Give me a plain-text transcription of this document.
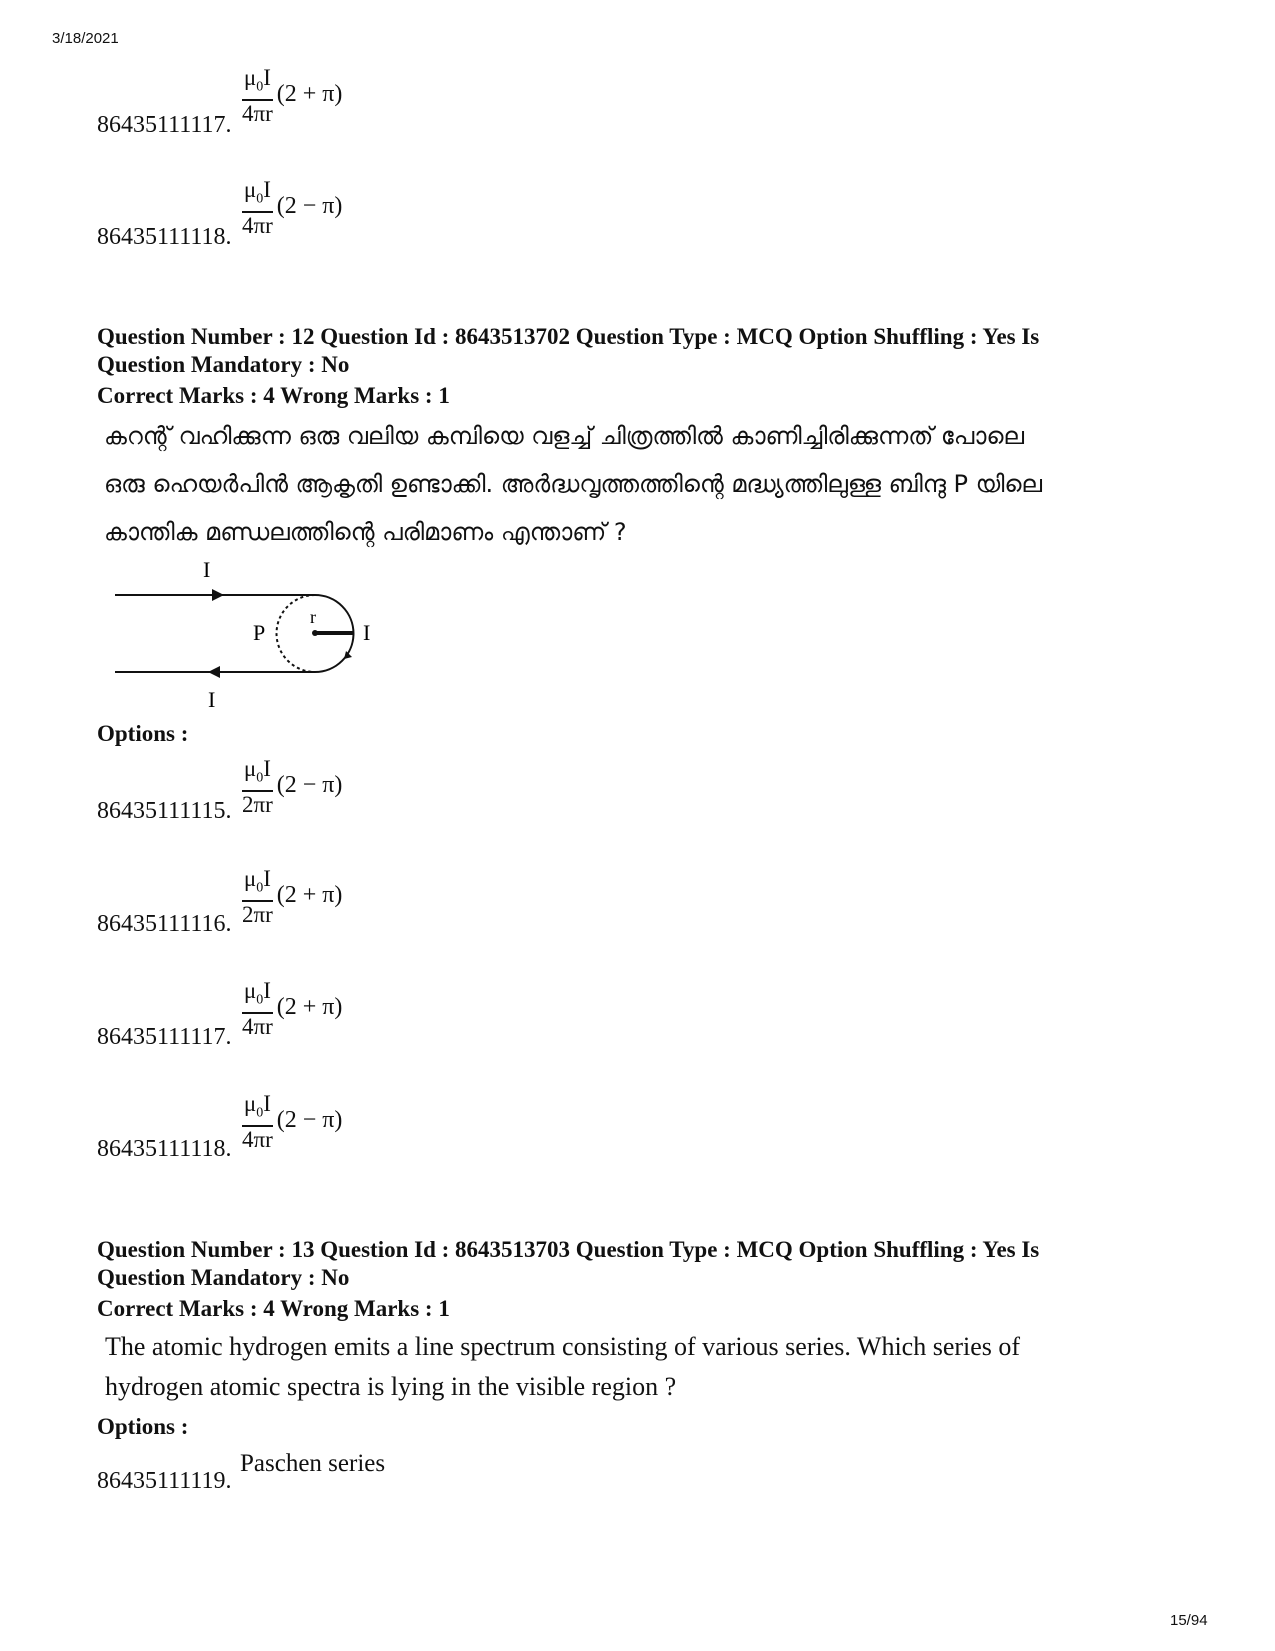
3/18/2021
15/94
86435111117. $\frac{\mu_0I}{4\pi r} (2 + \pi)$
86435111118. $\frac{\mu_0I}{4\pi r} (2 - \pi)$
Question Number : 12 Question Id : 8643513702 Question Type : MCQ Option Shuffling : Yes Is
Question Mandatory : No
Correct Marks : 4 Wrong Marks : 1
കറന്റ് വഹിക്കുന്ന ഒരു വലിയ കമ്പിയെ വളച്ച് ചിത്രത്തിൽ കാണിച്ചിരിക്കുന്നത് പോലെ
ഒരു ഹെയർപിൻ ആകൃതി ഉണ്ടാക്കി. അർദ്ധവൃത്തത്തിന്റെ മദ്ധ്യത്തിലുള്ള ബിന്ദു P യിലെ
കാന്തിക മണ്ഡലത്തിന്റെ പരിമാണം എന്താണ് ?
I
I
I
P
r
Options :
86435111115. $\frac{\mu_0I}{2\pi r} (2 - \pi)$
86435111116. $\frac{\mu_0I}{2\pi r} (2 + \pi)$
86435111117. $\frac{\mu_0I}{4\pi r} (2 + \pi)$
86435111118. $\frac{\mu_0I}{4\pi r} (2 - \pi)$
Question Number : 13 Question Id : 8643513703 Question Type : MCQ Option Shuffling : Yes Is
Question Mandatory : No
Correct Marks : 4 Wrong Marks : 1
The atomic hydrogen emits a line spectrum consisting of various series. Which series of
hydrogen atomic spectra is lying in the visible region ?
Options :
86435111119.
Paschen series
